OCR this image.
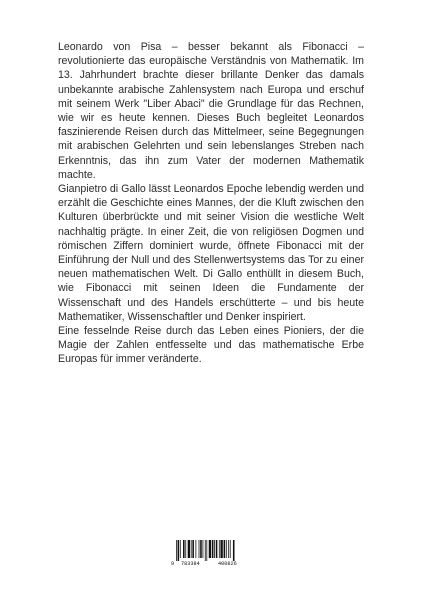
Leonardo von Pisa – besser bekannt als Fibonacci – revolutionierte das europäische Verständnis von Mathematik. Im 13. Jahrhundert brachte dieser brillante Denker das damals unbekannte arabische Zahlensystem nach Europa und erschuf mit seinem Werk "Liber Abaci" die Grundlage für das Rechnen, wie wir es heute kennen. Dieses Buch begleitet Leonardos faszinierende Reisen durch das Mittelmeer, seine Begegnungen mit arabischen Gelehrten und sein lebenslanges Streben nach Erkenntnis, das ihn zum Vater der modernen Mathematik machte.

Gianpietro di Gallo lässt Leonardos Epoche lebendig werden und erzählt die Geschichte eines Mannes, der die Kluft zwischen den Kulturen überbrückte und mit seiner Vision die westliche Welt nachhaltig prägte. In einer Zeit, die von religiösen Dogmen und römischen Ziffern dominiert wurde, öffnete Fibonacci mit der Einführung der Null und des Stellenwertsystems das Tor zu einer neuen mathematischen Welt. Di Gallo enthüllt in diesem Buch, wie Fibonacci mit seinen Ideen die Fundamente der Wissenschaft und des Handels erschütterte – und bis heute Mathematiker, Wissenschaftler und Denker inspiriert.

Eine fesselnde Reise durch das Leben eines Pioniers, der die Magie der Zahlen entfesselte und das mathematische Erbe Europas für immer veränderte.

9 783384	400826
